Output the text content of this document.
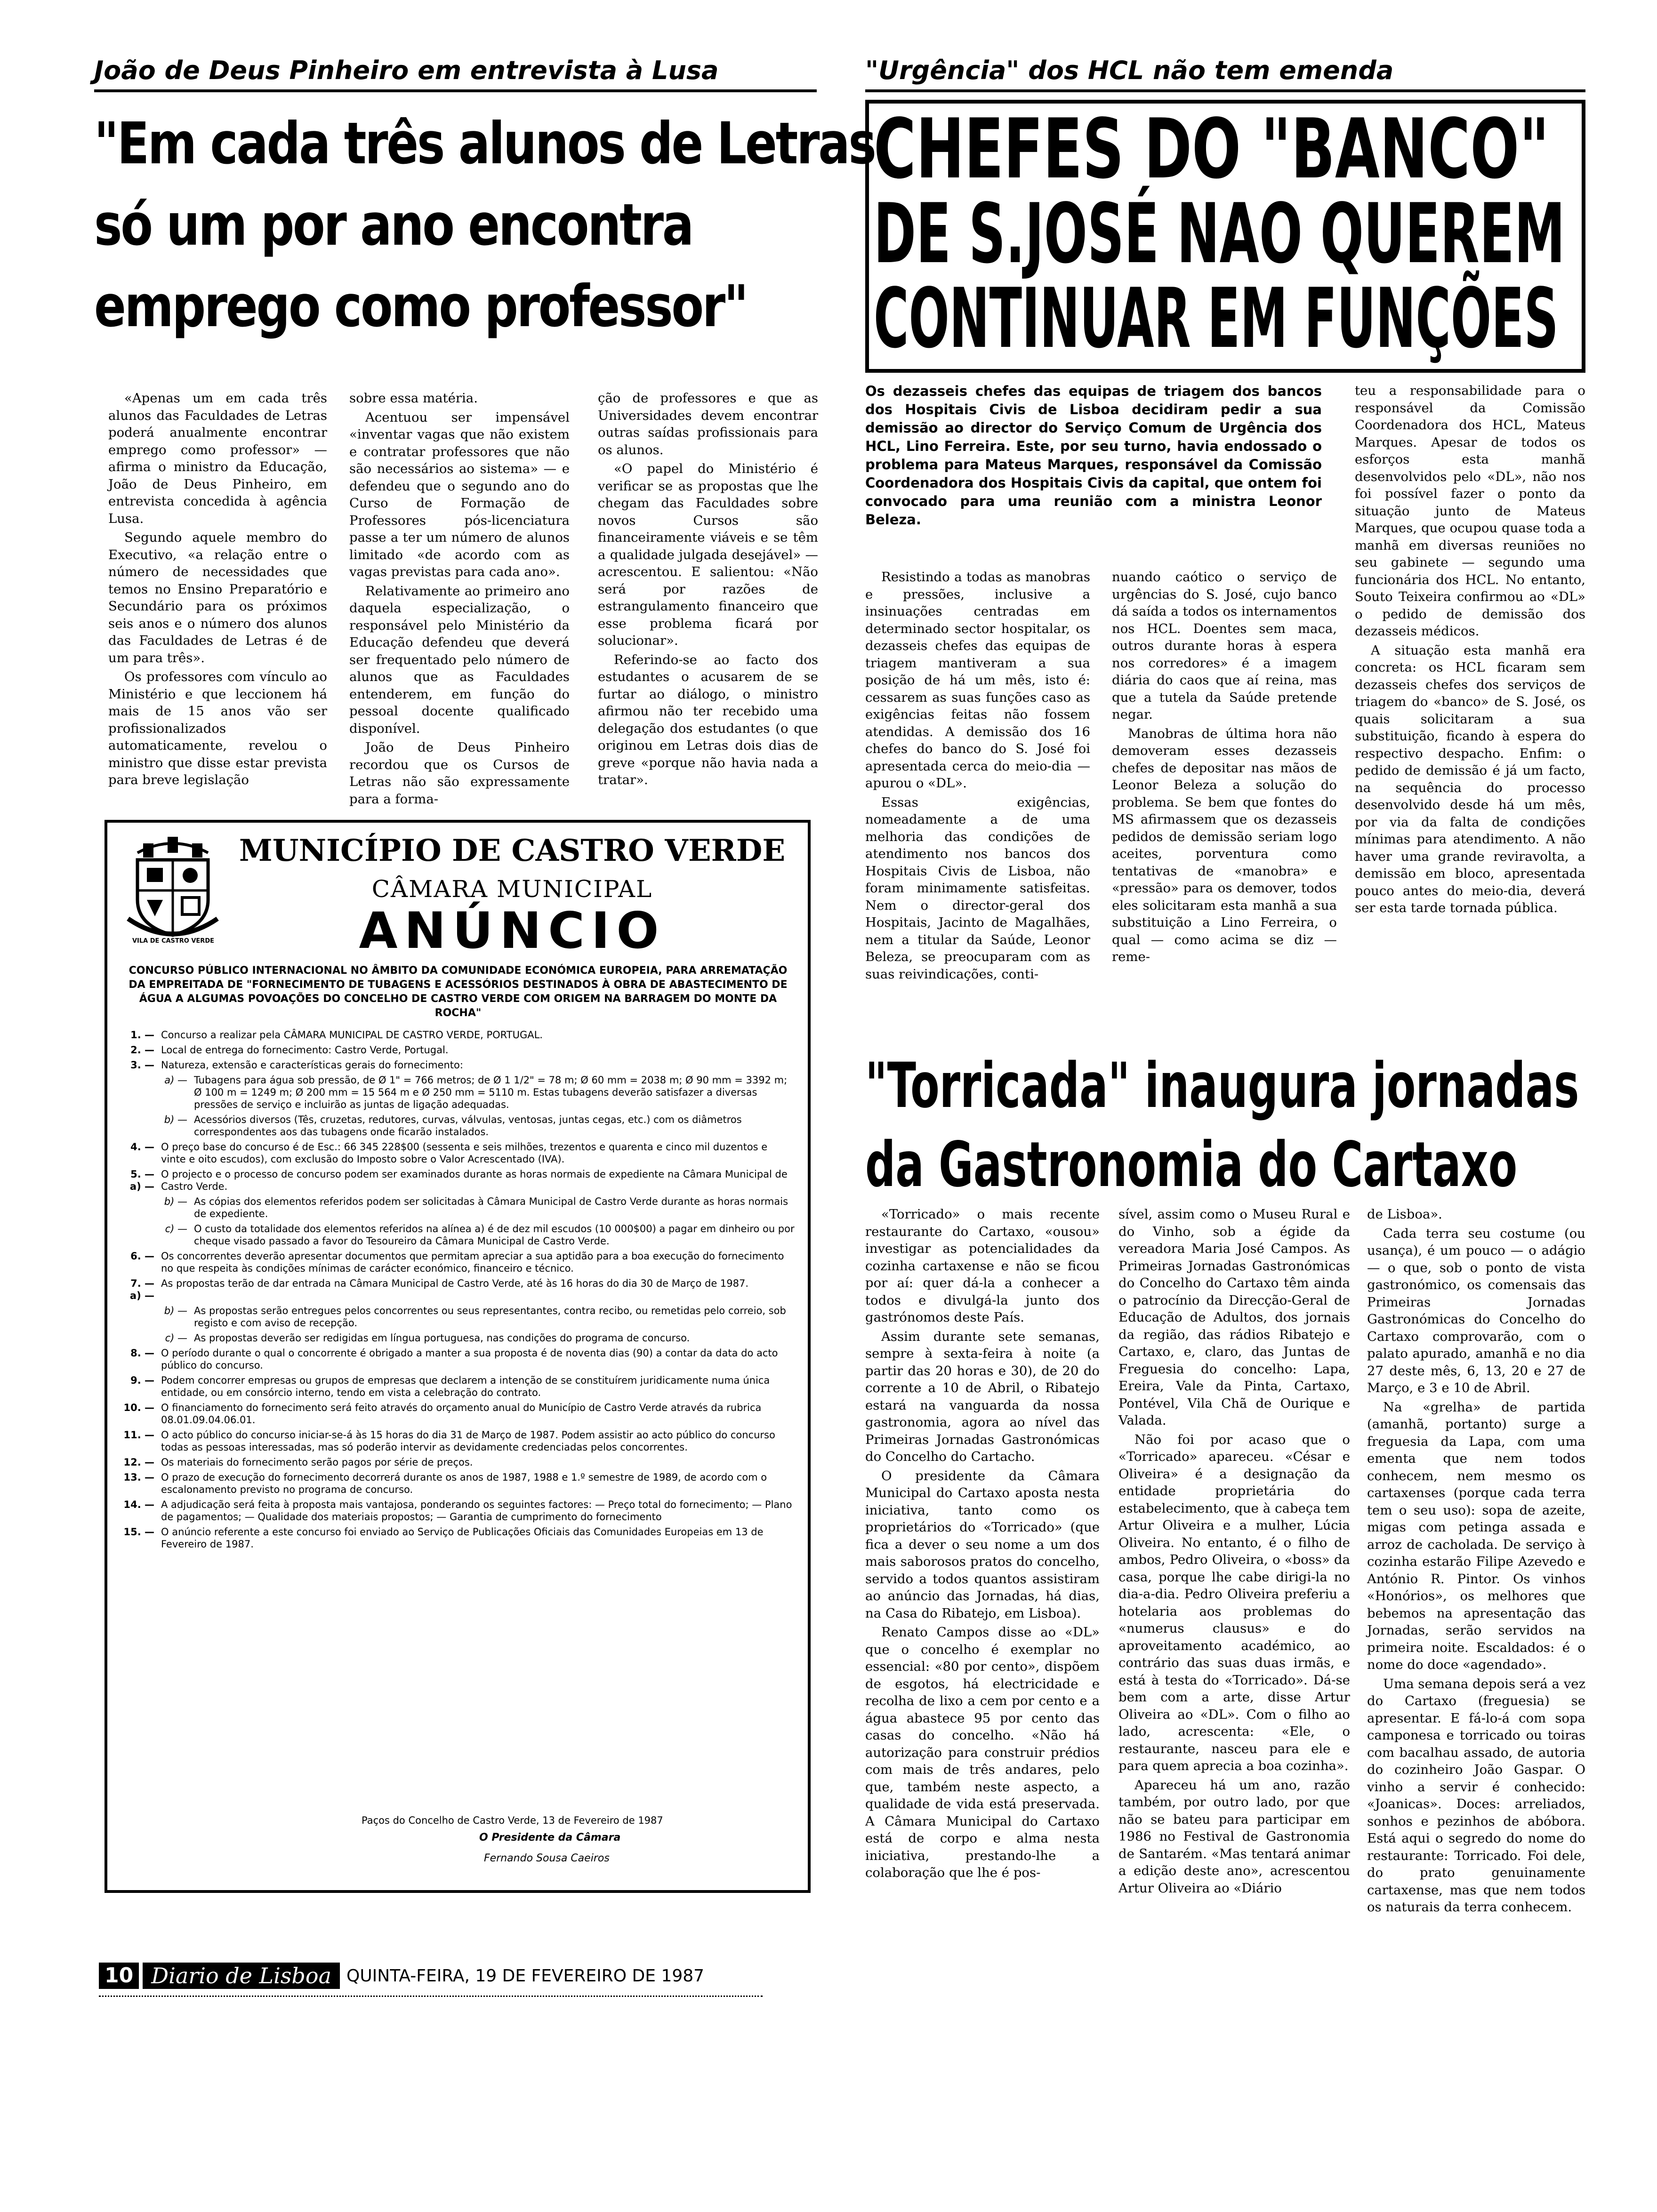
João de Deus Pinheiro em entrevista à Lusa
"Em cada três alunos de Letras
só um por ano encontra
emprego como professor"

«Apenas um em cada três alunos das Faculdades de Letras poderá anualmente encontrar emprego como professor» — afirma o ministro da Educação, João de Deus Pinheiro, em entrevista concedida à agência Lusa.

Segundo aquele membro do Executivo, «a relação entre o número de necessidades que temos no Ensino Preparatório e Secundário para os próximos seis anos e o número dos alunos das Faculdades de Letras é de um para três».

Os professores com vínculo ao Ministério e que leccionem há mais de 15 anos vão ser profissionalizados automaticamente, revelou o ministro que disse estar prevista para breve legislação

sobre essa matéria.

Acentuou ser impensável «inventar vagas que não existem e contratar professores que não são necessários ao sistema» — e defendeu que o segundo ano do Curso de Formação de Professores pós-licenciatura passe a ter um número de alunos limitado «de acordo com as vagas previstas para cada ano».

Relativamente ao primeiro ano daquela especialização, o responsável pelo Ministério da Educação defendeu que deverá ser frequentado pelo número de alunos que as Faculdades entenderem, em função do pessoal docente qualificado disponível.

João de Deus Pinheiro recordou que os Cursos de Letras não são expressamente para a forma-

ção de professores e que as Universidades devem encontrar outras saídas profissionais para os alunos.

«O papel do Ministério é verificar se as propostas que lhe chegam das Faculdades sobre novos Cursos são financeiramente viáveis e se têm a qualidade julgada desejável» — acrescentou. E salientou: «Não será por razões de estrangulamento financeiro que esse problema ficará por solucionar».

Referindo-se ao facto dos estudantes o acusarem de se furtar ao diálogo, o ministro afirmou não ter recebido uma delegação dos estudantes (o que originou em Letras dois dias de greve «porque não havia nada a tratar».

VILA DE CASTRO VERDE
MUNICÍPIO DE CASTRO VERDE
CÂMARA MUNICIPAL
ANÚNCIO
CONCURSO PÚBLICO INTERNACIONAL NO ÂMBITO DA COMUNIDADE ECONÓMICA EUROPEIA, PARA ARREMATAÇÃO DA EMPREITADA DE "FORNECIMENTO DE TUBAGENS E ACESSÓRIOS DESTINADOS À OBRA DE ABASTECIMENTO DE ÁGUA A ALGUMAS POVOAÇÕES DO CONCELHO DE CASTRO VERDE COM ORIGEM NA BARRAGEM DO MONTE DA ROCHA"
1. — Concurso a realizar pela CÂMARA MUNICIPAL DE CASTRO VERDE, PORTUGAL.
2. — Local de entrega do fornecimento: Castro Verde, Portugal.
3. — Natureza, extensão e características gerais do fornecimento:
a) — Tubagens para água sob pressão, de Ø 1" = 766 metros; de Ø 1 1/2" = 78 m; Ø 60 mm = 2038 m; Ø 90 mm = 3392 m; Ø 100 m = 1249 m; Ø 200 mm = 15 564 m e Ø 250 mm = 5110 m. Estas tubagens deverão satisfazer a diversas pressões de serviço e incluirão as juntas de ligação adequadas.
b) — Acessórios diversos (Tês, cruzetas, redutores, curvas, válvulas, ventosas, juntas cegas, etc.) com os diâmetros correspondentes aos das tubagens onde ficarão instalados.
4. — O preço base do concurso é de Esc.: 66 345 228$00 (sessenta e seis milhões, trezentos e quarenta e cinco mil duzentos e vinte e oito escudos), com exclusão do Imposto sobre o Valor Acrescentado (IVA).
5. — a) —
O projecto e o processo de concurso podem ser examinados durante as horas normais de expediente na Câmara Municipal de Castro Verde.
b) — As cópias dos elementos referidos podem ser solicitadas à Câmara Municipal de Castro Verde durante as horas normais de expediente.
c) — O custo da totalidade dos elementos referidos na alínea a) é de dez mil escudos (10 000$00) a pagar em dinheiro ou por cheque visado passado a favor do Tesoureiro da Câmara Municipal de Castro Verde.
6. — Os concorrentes deverão apresentar documentos que permitam apreciar a sua aptidão para a boa execução do fornecimento no que respeita às condições mínimas de carácter económico, financeiro e técnico.
7. — a) —
As propostas terão de dar entrada na Câmara Municipal de Castro Verde, até às 16 horas do dia 30 de Março de 1987.
b) — As propostas serão entregues pelos concorrentes ou seus representantes, contra recibo, ou remetidas pelo correio, sob registo e com aviso de recepção.
c) — As propostas deverão ser redigidas em língua portuguesa, nas condições do programa de concurso.
8. — O período durante o qual o concorrente é obrigado a manter a sua proposta é de noventa dias (90) a contar da data do acto público do concurso.
9. — Podem concorrer empresas ou grupos de empresas que declarem a intenção de se constituírem juridicamente numa única entidade, ou em consórcio interno, tendo em vista a celebração do contrato.
10. — O financiamento do fornecimento será feito através do orçamento anual do Município de Castro Verde através da rubrica 08.01.09.04.06.01.
11. — O acto público do concurso iniciar-se-á às 15 horas do dia 31 de Março de 1987. Podem assistir ao acto público do concurso todas as pessoas interessadas, mas só poderão intervir as devidamente credenciadas pelos concorrentes.
12. — Os materiais do fornecimento serão pagos por série de preços.
13. — O prazo de execução do fornecimento decorrerá durante os anos de 1987, 1988 e 1.º semestre de 1989, de acordo com o escalonamento previsto no programa de concurso.
14. — A adjudicação será feita à proposta mais vantajosa, ponderando os seguintes factores: — Preço total do fornecimento; — Plano de pagamentos; — Qualidade dos materiais propostos; — Garantia de cumprimento do fornecimento
15. — O anúncio referente a este concurso foi enviado ao Serviço de Publicações Oficiais das Comunidades Europeias em 13 de Fevereiro de 1987.
Paços do Concelho de Castro Verde, 13 de Fevereiro de 1987
O Presidente da Câmara
Fernando Sousa Caeiros
"Urgência" dos HCL não tem emenda
CHEFES DO "BANCO"
DE S.JOSÉ NAO QUEREM
CONTINUAR EM FUNÇÕES
Os dezasseis chefes das equipas de triagem dos bancos dos Hospitais Civis de Lisboa decidiram pedir a sua demissão ao director do Serviço Comum de Urgência dos HCL, Lino Ferreira. Este, por seu turno, havia endossado o problema para Mateus Marques, responsável da Comissão Coordenadora dos Hospitais Civis da capital, que ontem foi convocado para uma reunião com a ministra Leonor Beleza.

Resistindo a todas as manobras e pressões, inclusive a insinuações centradas em determinado sector hospitalar, os dezasseis chefes das equipas de triagem mantiveram a sua posição de há um mês, isto é: cessarem as suas funções caso as exigências feitas não fossem atendidas. A demissão dos 16 chefes do banco do S. José foi apresentada cerca do meio-dia — apurou o «DL».

Essas exigências, nomeadamente a de uma melhoria das condições de atendimento nos bancos dos Hospitais Civis de Lisboa, não foram minimamente satisfeitas. Nem o director-geral dos Hospitais, Jacinto de Magalhães, nem a titular da Saúde, Leonor Beleza, se preocuparam com as suas reivindicações, conti-

nuando caótico o serviço de urgências do S. José, cujo banco dá saída a todos os internamentos nos HCL. Doentes sem maca, outros durante horas à espera nos corredores» é a imagem diária do caos que aí reina, mas que a tutela da Saúde pretende negar.

Manobras de última hora não demoveram esses dezasseis chefes de depositar nas mãos de Leonor Beleza a solução do problema. Se bem que fontes do MS afirmassem que os dezasseis pedidos de demissão seriam logo aceites, porventura como tentativas de «manobra» e «pressão» para os demover, todos eles solicitaram esta manhã a sua substituição a Lino Ferreira, o qual — como acima se diz — reme-

teu a responsabilidade para o responsável da Comissão Coordenadora dos HCL, Mateus Marques. Apesar de todos os esforços esta manhã desenvolvidos pelo «DL», não nos foi possível fazer o ponto da situação junto de Mateus Marques, que ocupou quase toda a manhã em diversas reuniões no seu gabinete — segundo uma funcionária dos HCL. No entanto, Souto Teixeira confirmou ao «DL» o pedido de demissão dos dezasseis médicos.

A situação esta manhã era concreta: os HCL ficaram sem dezasseis chefes dos serviços de triagem do «banco» de S. José, os quais solicitaram a sua substituição, ficando à espera do respectivo despacho. Enfim: o pedido de demissão é já um facto, na sequência do processo desenvolvido desde há um mês, por via da falta de condições mínimas para atendimento. A não haver uma grande reviravolta, a demissão em bloco, apresentada pouco antes do meio-dia, deverá ser esta tarde tornada pública.

"Torricada" inaugura jornadas
da Gastronomia do Cartaxo

«Torricado» o mais recente restaurante do Cartaxo, «ousou» investigar as potencialidades da cozinha cartaxense e não se ficou por aí: quer dá-la a conhecer a todos e divulgá-la junto dos gastrónomos deste País.

Assim durante sete semanas, sempre à sexta-feira à noite (a partir das 20 horas e 30), de 20 do corrente a 10 de Abril, o Ribatejo estará na vanguarda da nossa gastronomia, agora ao nível das Primeiras Jornadas Gastronómicas do Concelho do Cartacho.

O presidente da Câmara Municipal do Cartaxo aposta nesta iniciativa, tanto como os proprietários do «Torricado» (que fica a dever o seu nome a um dos mais saborosos pratos do concelho, servido a todos quantos assistiram ao anúncio das Jornadas, há dias, na Casa do Ribatejo, em Lisboa).

Renato Campos disse ao «DL» que o concelho é exemplar no essencial: «80 por cento», dispõem de esgotos, há electricidade e recolha de lixo a cem por cento e a água abastece 95 por cento das casas do concelho. «Não há autorização para construir prédios com mais de três andares, pelo que, também neste aspecto, a qualidade de vida está preservada. A Câmara Municipal do Cartaxo está de corpo e alma nesta iniciativa, prestando-lhe a colaboração que lhe é pos-

sível, assim como o Museu Rural e do Vinho, sob a égide da vereadora Maria José Campos. As Primeiras Jornadas Gastronómicas do Concelho do Cartaxo têm ainda o patrocínio da Direcção-Geral de Educação de Adultos, dos jornais da região, das rádios Ribatejo e Cartaxo, e, claro, das Juntas de Freguesia do concelho: Lapa, Ereira, Vale da Pinta, Cartaxo, Pontével, Vila Chã de Ourique e Valada.

Não foi por acaso que o «Torricado» apareceu. «César e Oliveira» é a designação da entidade proprietária do estabelecimento, que à cabeça tem Artur Oliveira e a mulher, Lúcia Oliveira. No entanto, é o filho de ambos, Pedro Oliveira, o «boss» da casa, porque lhe cabe dirigi-la no dia-a-dia. Pedro Oliveira preferiu a hotelaria aos problemas do «numerus clausus» e do aproveitamento académico, ao contrário das suas duas irmãs, e está à testa do «Torricado». Dá-se bem com a arte, disse Artur Oliveira ao «DL». Com o filho ao lado, acrescenta: «Ele, o restaurante, nasceu para ele e para quem aprecia a boa cozinha».

Apareceu há um ano, razão também, por outro lado, por que não se bateu para participar em 1986 no Festival de Gastronomia de Santarém. «Mas tentará animar a edição deste ano», acrescentou Artur Oliveira ao «Diário

de Lisboa».

Cada terra seu costume (ou usança), é um pouco — o adágio — o que, sob o ponto de vista gastronómico, os comensais das Primeiras Jornadas Gastronómicas do Concelho do Cartaxo comprovarão, com o palato apurado, amanhã e no dia 27 deste mês, 6, 13, 20 e 27 de Março, e 3 e 10 de Abril.

Na «grelha» de partida (amanhã, portanto) surge a freguesia da Lapa, com uma ementa que nem todos conhecem, nem mesmo os cartaxenses (porque cada terra tem o seu uso): sopa de azeite, migas com petinga assada e arroz de cacholada. De serviço à cozinha estarão Filipe Azevedo e António R. Pintor. Os vinhos «Honórios», os melhores que bebemos na apresentação das Jornadas, serão servidos na primeira noite. Escaldados: é o nome do doce «agendado».

Uma semana depois será a vez do Cartaxo (freguesia) se apresentar. E fá-lo-á com sopa camponesa e torricado ou toiras com bacalhau assado, de autoria do cozinheiro João Gaspar. O vinho a servir é conhecido: «Joanicas». Doces: arreliados, sonhos e pezinhos de abóbora. Está aqui o segredo do nome do restaurante: Torricado. Foi dele, do prato genuinamente cartaxense, mas que nem todos os naturais da terra conhecem.

10 Diario de Lisboa QUINTA-FEIRA, 19 DE FEVEREIRO DE 1987
